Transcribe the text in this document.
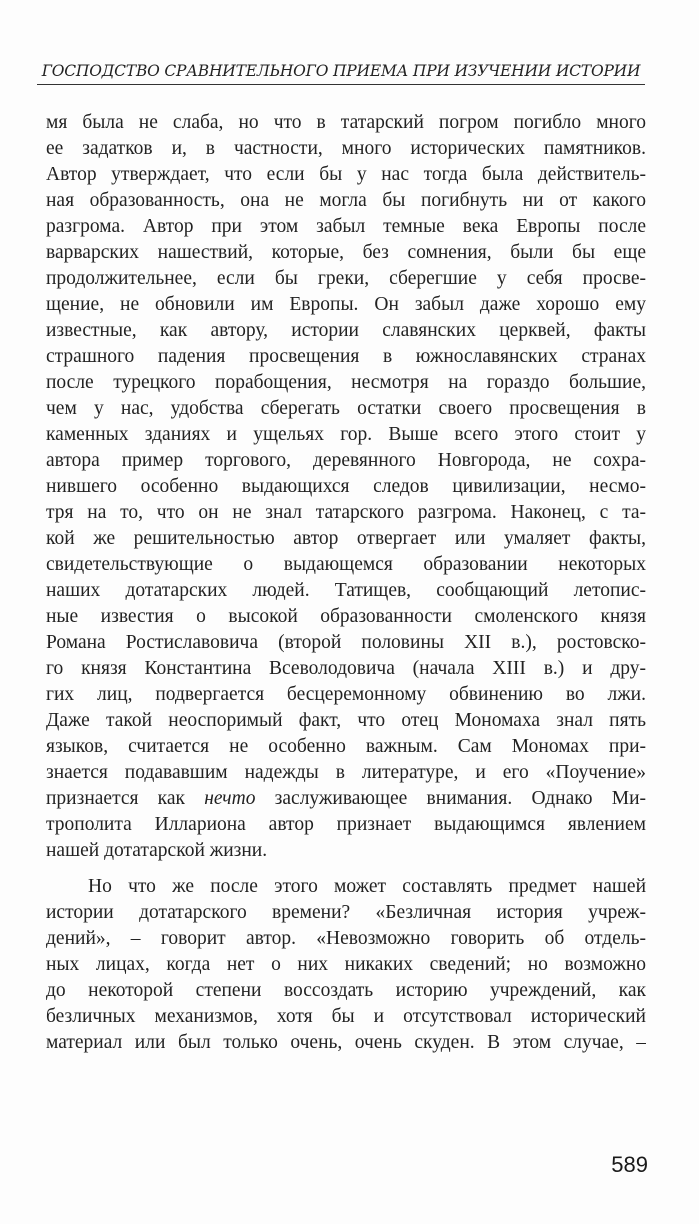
ГОСПОДСТВО СРАВНИТЕЛЬНОГО ПРИЕМА ПРИ ИЗУЧЕНИИ ИСТОРИИ
мя была не слаба, но что в татарский погром погибло много
ее задатков и, в частности, много исторических памятников.
Автор утверждает, что если бы у нас тогда была действитель-
ная образованность, она не могла бы погибнуть ни от какого
разгрома. Автор при этом забыл темные века Европы после
варварских нашествий, которые, без сомнения, были бы еще
продолжительнее, если бы греки, сберегшие у себя просве-
щение, не обновили им Европы. Он забыл даже хорошо ему
известные, как автору, истории славянских церквей, факты
страшного падения просвещения в южнославянских странах
после турецкого порабощения, несмотря на гораздо большие,
чем у нас, удобства сберегать остатки своего просвещения в
каменных зданиях и ущельях гор. Выше всего этого стоит у
автора пример торгового, деревянного Новгорода, не сохра-
нившего особенно выдающихся следов цивилизации, несмо-
тря на то, что он не знал татарского разгрома. Наконец, с та-
кой же решительностью автор отвергает или умаляет факты,
свидетельствующие о выдающемся образовании некоторых
наших дотатарских людей. Татищев, сообщающий летопис-
ные известия о высокой образованности смоленского князя
Романа Ростиславовича (второй половины XII в.), ростовско-
го князя Константина Всеволодовича (начала XIII в.) и дру-
гих лиц, подвергается бесцеремонному обвинению во лжи.
Даже такой неоспоримый факт, что отец Мономаха знал пять
языков, считается не особенно важным. Сам Мономах при-
знается подававшим надежды в литературе, и его «Поучение»
признается как нечто заслуживающее внимания. Однако Ми-
трополита Иллариона автор признает выдающимся явлением
нашей дотатарской жизни.
Но что же после этого может составлять предмет нашей
истории дотатарского времени? «Безличная история учреж-
дений», – говорит автор. «Невозможно говорить об отдель-
ных лицах, когда нет о них никаких сведений; но возможно
до некоторой степени воссоздать историю учреждений, как
безличных механизмов, хотя бы и отсутствовал исторический
материал или был только очень, очень скуден. В этом случае, –
589
